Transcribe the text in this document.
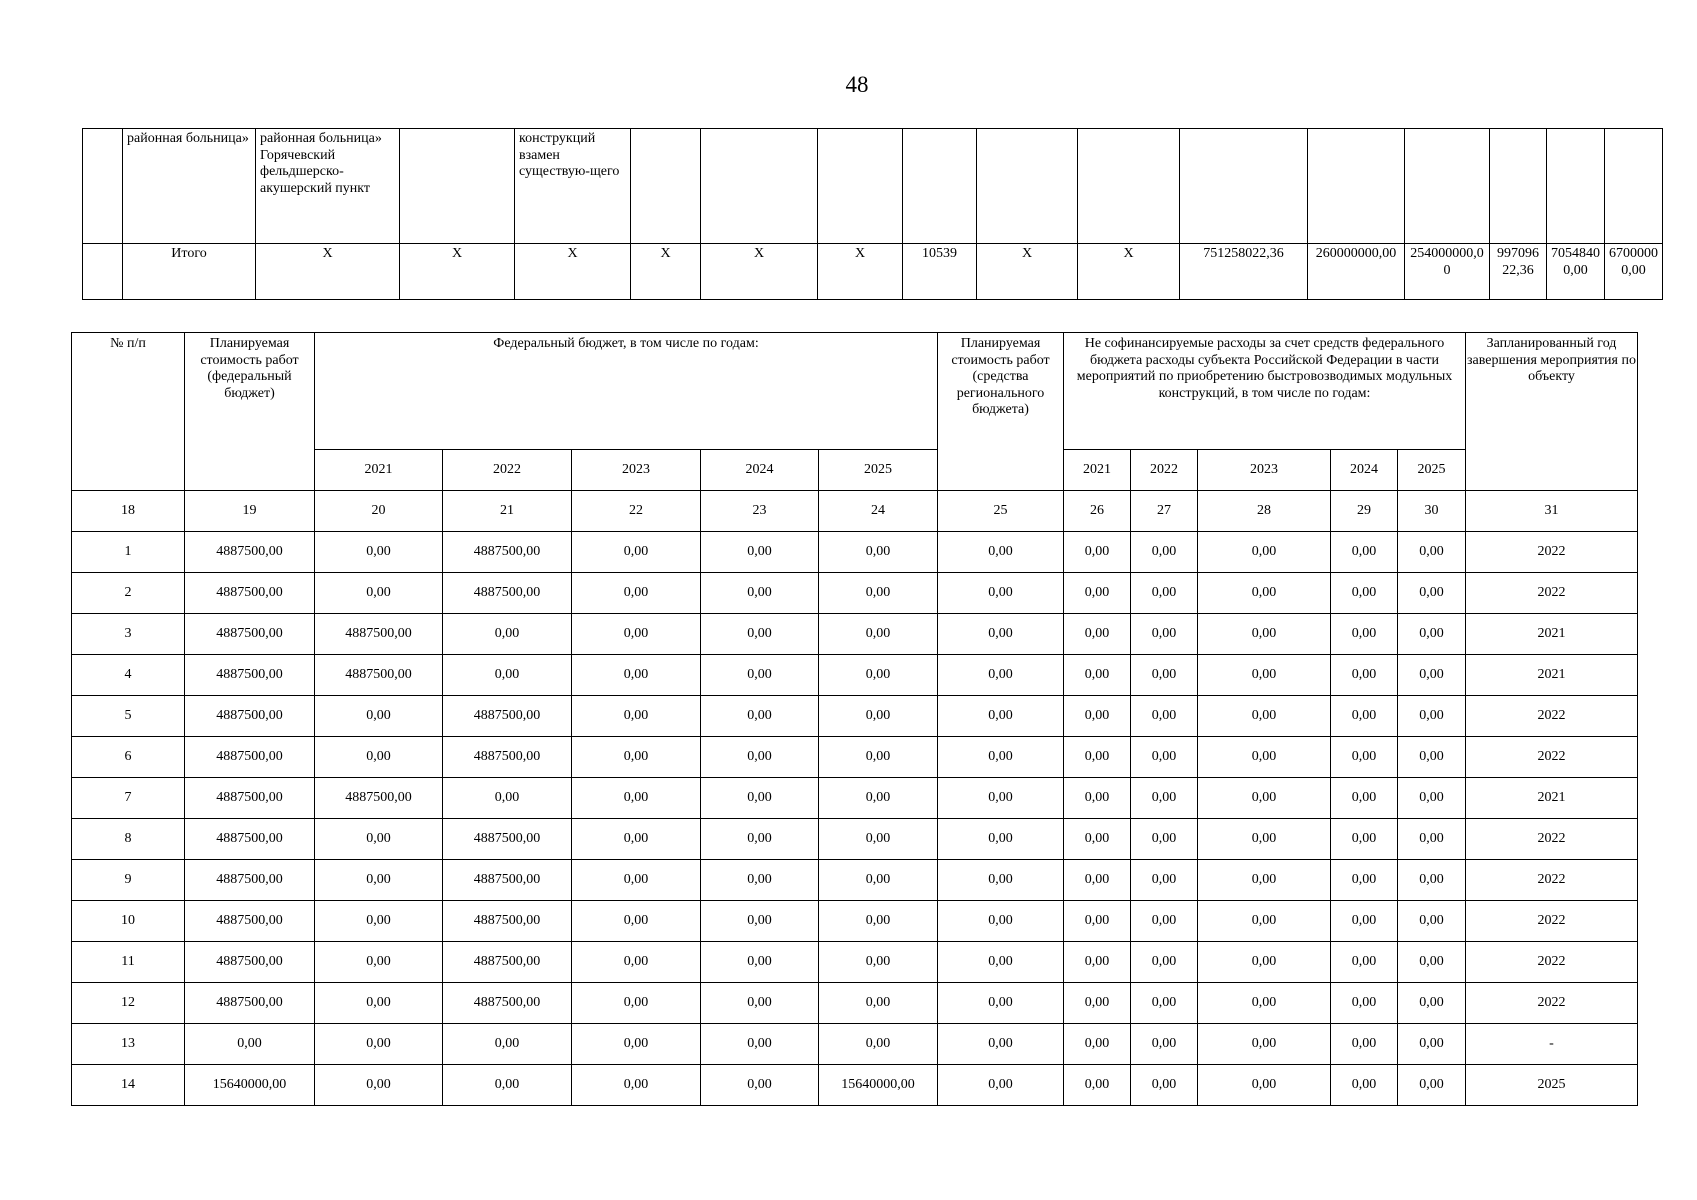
48
	районная больница»	районная больница» Горячевский фельдшерско-акушерский пункт		конструкций взамен существую-щего												
	Итого	X	X	X	X	X	X	10539	X	X	751258022,36	260000000,00	254000000,00	99709622,36	70548400,00	67000000,00
№ п/п	Планируемая стоимость работ (федеральный бюджет)	Федеральный бюджет, в том числе по годам:					Планируемая стоимость работ (средства регионального бюджета)	Не софинансируемые расходы за счет средств федерального бюджета расходы субъекта Российской Федерации в части мероприятий по приобретению быстровозводимых модульных конструкций, в том числе по годам:					Запланированный год завершения мероприятия по объекту
		2021	2022	2023	2024	2025		2021	2022	2023	2024	2025	
18	19	20	21	22	23	24	25	26	27	28	29	30	31
1	4887500,00	0,00	4887500,00	0,00	0,00	0,00	0,00	0,00	0,00	0,00	0,00	0,00	2022
2	4887500,00	0,00	4887500,00	0,00	0,00	0,00	0,00	0,00	0,00	0,00	0,00	0,00	2022
3	4887500,00	4887500,00	0,00	0,00	0,00	0,00	0,00	0,00	0,00	0,00	0,00	0,00	2021
4	4887500,00	4887500,00	0,00	0,00	0,00	0,00	0,00	0,00	0,00	0,00	0,00	0,00	2021
5	4887500,00	0,00	4887500,00	0,00	0,00	0,00	0,00	0,00	0,00	0,00	0,00	0,00	2022
6	4887500,00	0,00	4887500,00	0,00	0,00	0,00	0,00	0,00	0,00	0,00	0,00	0,00	2022
7	4887500,00	4887500,00	0,00	0,00	0,00	0,00	0,00	0,00	0,00	0,00	0,00	0,00	2021
8	4887500,00	0,00	4887500,00	0,00	0,00	0,00	0,00	0,00	0,00	0,00	0,00	0,00	2022
9	4887500,00	0,00	4887500,00	0,00	0,00	0,00	0,00	0,00	0,00	0,00	0,00	0,00	2022
10	4887500,00	0,00	4887500,00	0,00	0,00	0,00	0,00	0,00	0,00	0,00	0,00	0,00	2022
11	4887500,00	0,00	4887500,00	0,00	0,00	0,00	0,00	0,00	0,00	0,00	0,00	0,00	2022
12	4887500,00	0,00	4887500,00	0,00	0,00	0,00	0,00	0,00	0,00	0,00	0,00	0,00	2022
13	0,00	0,00	0,00	0,00	0,00	0,00	0,00	0,00	0,00	0,00	0,00	0,00	-
14	15640000,00	0,00	0,00	0,00	0,00	15640000,00	0,00	0,00	0,00	0,00	0,00	0,00	2025
